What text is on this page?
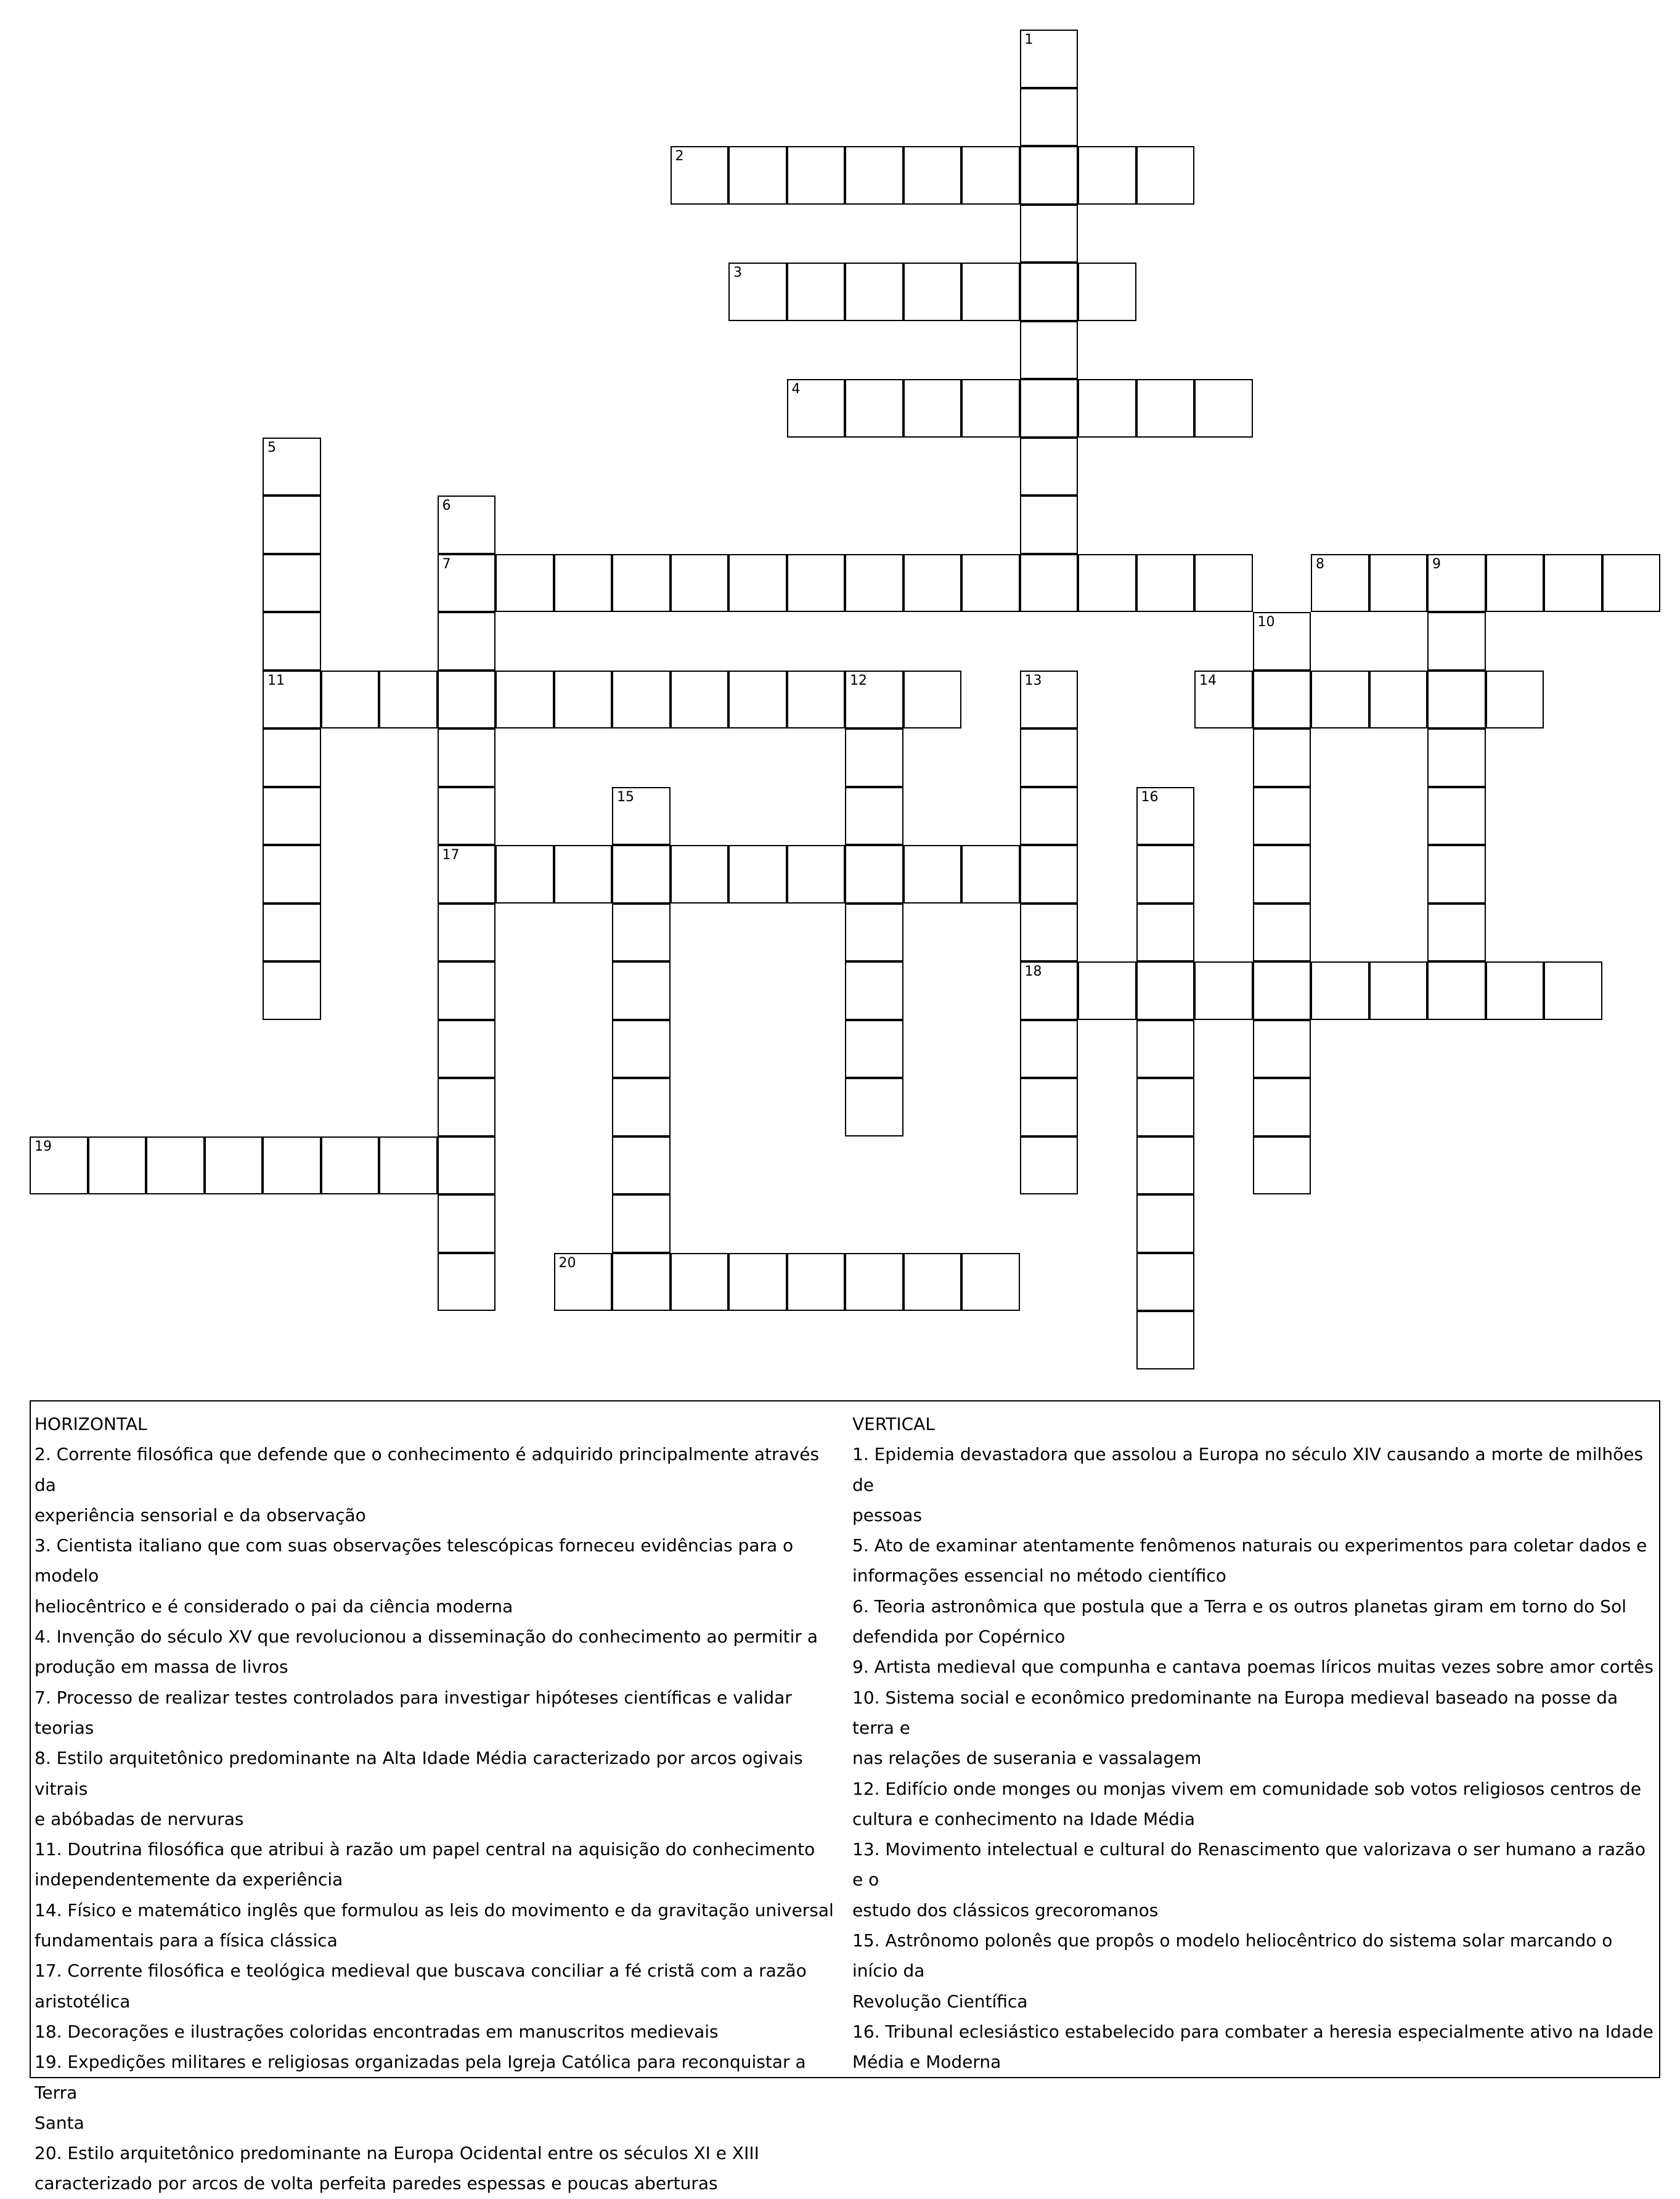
1
2
3
4
5
11
6
7
17
8	9
10
12	13
18
14
15	16
19
20

HORIZONTAL

2. Corrente filosófica que defende que o conhecimento é adquirido principalmente através da

experiência sensorial e da observação

3. Cientista italiano que com suas observações telescópicas forneceu evidências para o modelo

heliocêntrico e é considerado o pai da ciência moderna

4. Invenção do século XV que revolucionou a disseminação do conhecimento ao permitir a

produção em massa de livros

7. Processo de realizar testes controlados para investigar hipóteses científicas e validar teorias

8. Estilo arquitetônico predominante na Alta Idade Média caracterizado por arcos ogivais vitrais

e abóbadas de nervuras

11. Doutrina filosófica que atribui à razão um papel central na aquisição do conhecimento

independentemente da experiência

14. Físico e matemático inglês que formulou as leis do movimento e da gravitação universal

fundamentais para a física clássica

17. Corrente filosófica e teológica medieval que buscava conciliar a fé cristã com a razão

aristotélica

18. Decorações e ilustrações coloridas encontradas em manuscritos medievais

19. Expedições militares e religiosas organizadas pela Igreja Católica para reconquistar a Terra

Santa

20. Estilo arquitetônico predominante na Europa Ocidental entre os séculos XI e XIII

caracterizado por arcos de volta perfeita paredes espessas e poucas aberturas

VERTICAL

1. Epidemia devastadora que assolou a Europa no século XIV causando a morte de milhões de

pessoas

5. Ato de examinar atentamente fenômenos naturais ou experimentos para coletar dados e

informações essencial no método científico

6. Teoria astronômica que postula que a Terra e os outros planetas giram em torno do Sol

defendida por Copérnico

9. Artista medieval que compunha e cantava poemas líricos muitas vezes sobre amor cortês

10. Sistema social e econômico predominante na Europa medieval baseado na posse da terra e

nas relações de suserania e vassalagem

12. Edifício onde monges ou monjas vivem em comunidade sob votos religiosos centros de

cultura e conhecimento na Idade Média

13. Movimento intelectual e cultural do Renascimento que valorizava o ser humano a razão e o

estudo dos clássicos grecoromanos

15. Astrônomo polonês que propôs o modelo heliocêntrico do sistema solar marcando o início da

Revolução Científica

16. Tribunal eclesiástico estabelecido para combater a heresia especialmente ativo na Idade

Média e Moderna
